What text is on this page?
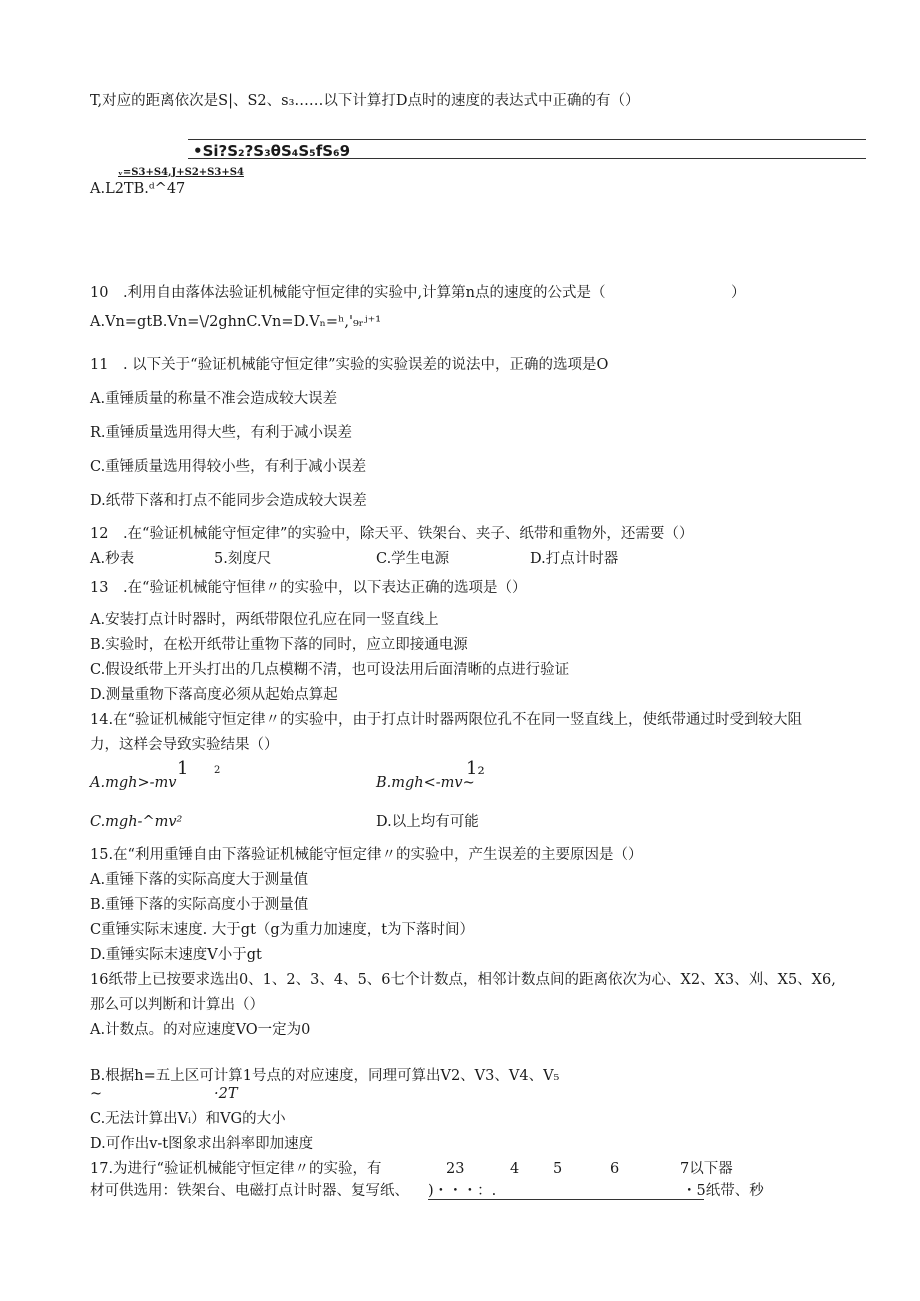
T,对应的距离依次是S|、S2、s₃……以下计算打D点时的速度的表达式中正确的有（）
•Si?S₂?S₃θS₄S₅fS₆9
ᵥ=S3+S4,J+S2+S3+S4
A.L2TB.ᵈ^47
10　.利用自由落体法验证机械能守恒定律的实验中,计算第n点的速度的公式是（	）
A.Vn=gtB.Vn=\/2ghnC.Vn=D.Vₙ=ʰ,'₉ᵣʲ⁺¹
11　. 以下关于“验证机械能守恒定律”实验的实验误差的说法中，正确的选项是O
A.重锤质量的称量不准会造成较大误差
R.重锤质量选用得大些，有利于减小误差
C.重锤质量选用得较小些，有利于减小误差
D.纸带下落和打点不能同步会造成较大误差
12　.在“验证机械能守恒定律”的实验中，除天平、铁架台、夹子、纸带和重物外，还需要（）
A.秒表	5.刻度尺	C.学生电源	D.打点计时器
13　.在“验证机械能守恒律〃的实验中，以下表达正确的选项是（）
A.安装打点计时器时，两纸带限位孔应在同一竖直线上
B.实验时，在松开纸带让重物下落的同时，应立即接通电源
C.假设纸带上开头打出的几点模糊不清，也可设法用后面清晰的点进行验证
D.测量重物下落高度必须从起始点算起
14.在“验证机械能守恒定律〃的实验中，由于打点计时器两限位孔不在同一竖直线上，使纸带通过时受到较大阻
力，这样会导致实验结果（）
1	2
A.mgh>-mv
1₂
B.mgh<-mv~
C.mgh-^mv²	D.以上均有可能
15.在“利用重锤自由下落验证机械能守恒定律〃的实验中，产生误差的主要原因是（）
A.重锤下落的实际高度大于测量值
B.重锤下落的实际高度小于测量值
C重锤实际末速度. 大于gt（g为重力加速度，t为下落时间）
D.重锤实际末速度V小于gt
16纸带上已按要求选出0、1、2、3、4、5、6七个计数点，相邻计数点间的距离依次为心、X2、X3、刈、X5、X6,
那么可以判断和计算出（）
A.计数点。的对应速度VO一定为0
B.根据h=五上区可计算1号点的对应速度，同理可算出V2、V3、V4、V₅
~	·2T
C.无法计算出Vᵢ）和VG的大小
D.可作出v-t图象求出斜率即加速度
17.为进行“验证机械能守恒定律〃的实验，有	23	4 5	6	7以下器
材可供选用：铁架台、电磁打点计时器、复写纸、 )・・・：.	・5纸带、秒
